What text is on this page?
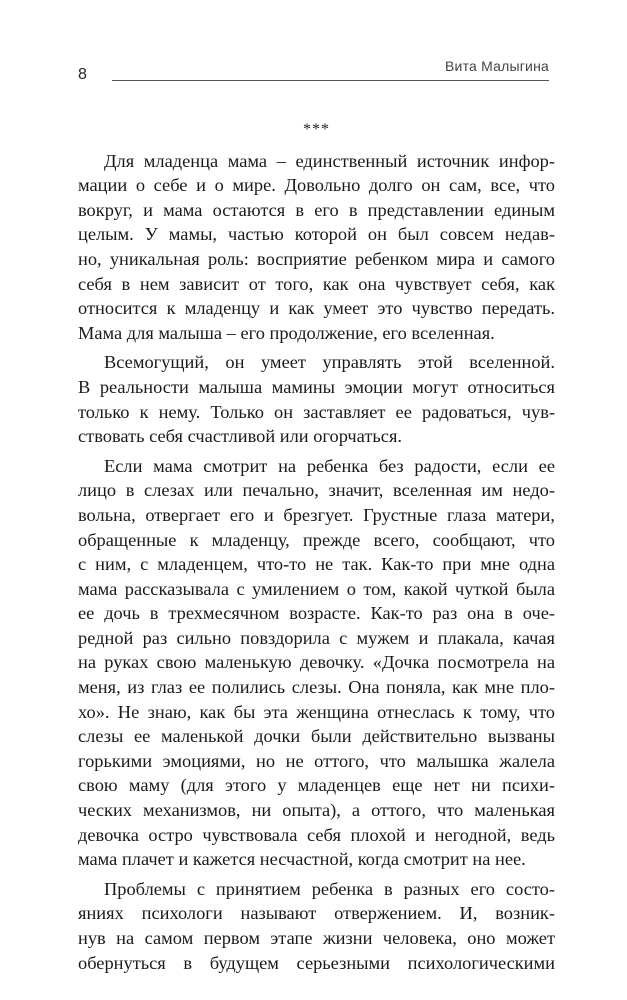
8	Вита Малыгина
***
Для младенца мама – единственный источник инфор-
мации о себе и о мире. Довольно долго он сам, все, что
вокруг, и мама остаются в его в представлении единым
целым. У мамы, частью которой он был совсем недав-
но, уникальная роль: восприятие ребенком мира и самого
себя в нем зависит от того, как она чувствует себя, как
относится к младенцу и как умеет это чувство передать.
Мама для малыша – его продолжение, его вселенная.
Всемогущий, он умеет управлять этой вселенной.
В реальности малыша мамины эмоции могут относиться
только к нему. Только он заставляет ее радоваться, чув-
ствовать себя счастливой или огорчаться.
Если мама смотрит на ребенка без радости, если ее
лицо в слезах или печально, значит, вселенная им недо-
вольна, отвергает его и брезгует. Грустные глаза матери,
обращенные к младенцу, прежде всего, сообщают, что
с ним, с младенцем, что-то не так. Как-то при мне одна
мама рассказывала с умилением о том, какой чуткой была
ее дочь в трехмесячном возрасте. Как-то раз она в оче-
редной раз сильно повздорила с мужем и плакала, качая
на руках свою маленькую девочку. «Дочка посмотрела на
меня, из глаз ее полились слезы. Она поняла, как мне пло-
хо». Не знаю, как бы эта женщина отнеслась к тому, что
слезы ее маленькой дочки были действительно вызваны
горькими эмоциями, но не оттого, что малышка жалела
свою маму (для этого у младенцев еще нет ни психи-
ческих механизмов, ни опыта), а оттого, что маленькая
девочка остро чувствовала себя плохой и негодной, ведь
мама плачет и кажется несчастной, когда смотрит на нее.
Проблемы с принятием ребенка в разных его состо-
яниях психологи называют отвержением. И, возник-
нув на самом первом этапе жизни человека, оно может
обернуться в будущем серьезными психологическими
